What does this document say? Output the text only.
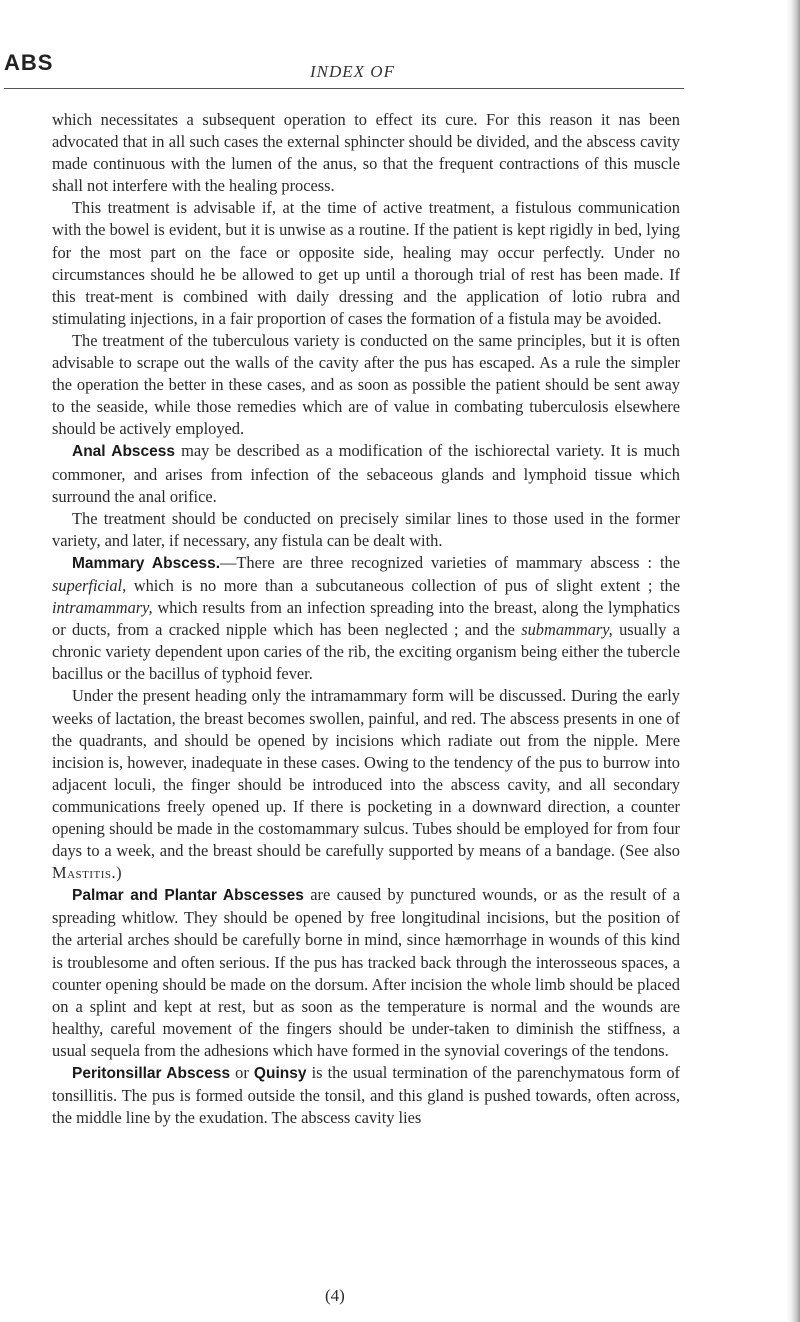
ABS	INDEX OF

which necessitates a subsequent operation to effect its cure. For this reason it nas been advocated that in all such cases the external sphincter should be divided, and the abscess cavity made continuous with the lumen of the anus, so that the frequent contractions of this muscle shall not interfere with the healing process.

This treatment is advisable if, at the time of active treatment, a fistulous communication with the bowel is evident, but it is unwise as a routine. If the patient is kept rigidly in bed, lying for the most part on the face or opposite side, healing may occur perfectly. Under no circumstances should he be allowed to get up until a thorough trial of rest has been made. If this treat-ment is combined with daily dressing and the application of lotio rubra and stimulating injections, in a fair proportion of cases the formation of a fistula may be avoided.

The treatment of the tuberculous variety is conducted on the same principles, but it is often advisable to scrape out the walls of the cavity after the pus has escaped. As a rule the simpler the operation the better in these cases, and as soon as possible the patient should be sent away to the seaside, while those remedies which are of value in combating tuberculosis elsewhere should be actively employed.

Anal Abscess may be described as a modification of the ischiorectal variety. It is much commoner, and arises from infection of the sebaceous glands and lymphoid tissue which surround the anal orifice.

The treatment should be conducted on precisely similar lines to those used in the former variety, and later, if necessary, any fistula can be dealt with.

Mammary Abscess.—There are three recognized varieties of mammary abscess : the superficial, which is no more than a subcutaneous collection of pus of slight extent ; the intramammary, which results from an infection spreading into the breast, along the lymphatics or ducts, from a cracked nipple which has been neglected ; and the submammary, usually a chronic variety dependent upon caries of the rib, the exciting organism being either the tubercle bacillus or the bacillus of typhoid fever.

Under the present heading only the intramammary form will be discussed. During the early weeks of lactation, the breast becomes swollen, painful, and red. The abscess presents in one of the quadrants, and should be opened by incisions which radiate out from the nipple. Mere incision is, however, inadequate in these cases. Owing to the tendency of the pus to burrow into adjacent loculi, the finger should be introduced into the abscess cavity, and all secondary communications freely opened up. If there is pocketing in a downward direction, a counter opening should be made in the costomammary sulcus. Tubes should be employed for from four days to a week, and the breast should be carefully supported by means of a bandage. (See also Mastitis.)

Palmar and Plantar Abscesses are caused by punctured wounds, or as the result of a spreading whitlow. They should be opened by free longitudinal incisions, but the position of the arterial arches should be carefully borne in mind, since hæmorrhage in wounds of this kind is troublesome and often serious. If the pus has tracked back through the interosseous spaces, a counter opening should be made on the dorsum. After incision the whole limb should be placed on a splint and kept at rest, but as soon as the temperature is normal and the wounds are healthy, careful movement of the fingers should be under-taken to diminish the stiffness, a usual sequela from the adhesions which have formed in the synovial coverings of the tendons.

Peritonsillar Abscess or Quinsy is the usual termination of the parenchymatous form of tonsillitis. The pus is formed outside the tonsil, and this gland is pushed towards, often across, the middle line by the exudation. The abscess cavity lies

(4)
